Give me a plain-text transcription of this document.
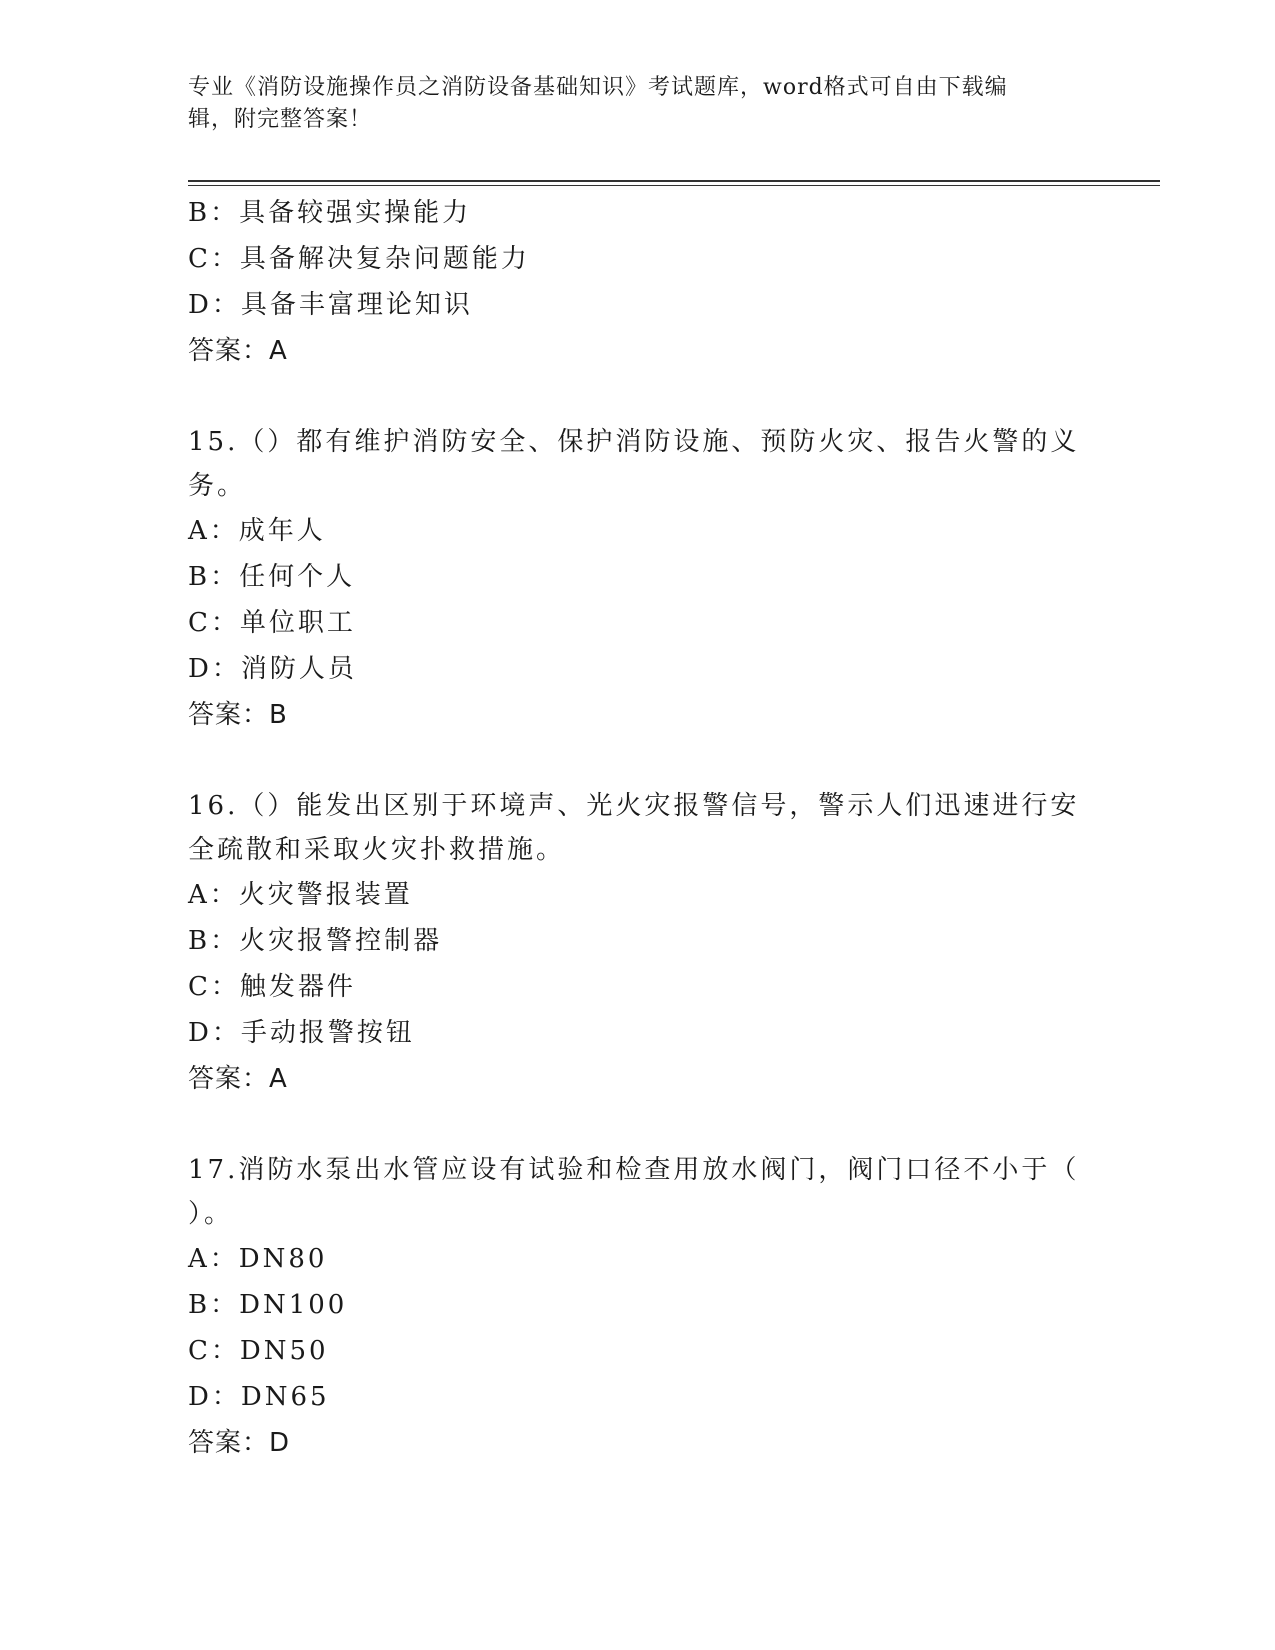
专业《消防设施操作员之消防设备基础知识》考试题库，word格式可自由下载编
辑，附完整答案！
B：具备较强实操能力
C：具备解决复杂问题能力
D：具备丰富理论知识
答案：A
15.（）都有维护消防安全、保护消防设施、预防火灾、报告火警的义
务。
A：成年人
B：任何个人
C：单位职工
D：消防人员
答案：B
16.（）能发出区别于环境声、光火灾报警信号，警示人们迅速进行安
全疏散和采取火灾扑救措施。
A：火灾警报装置
B：火灾报警控制器
C：触发器件
D：手动报警按钮
答案：A
17.消防水泵出水管应设有试验和检查用放水阀门，阀门口径不小于（
）。
A：DN80
B：DN100
C：DN50
D：DN65
答案：D
